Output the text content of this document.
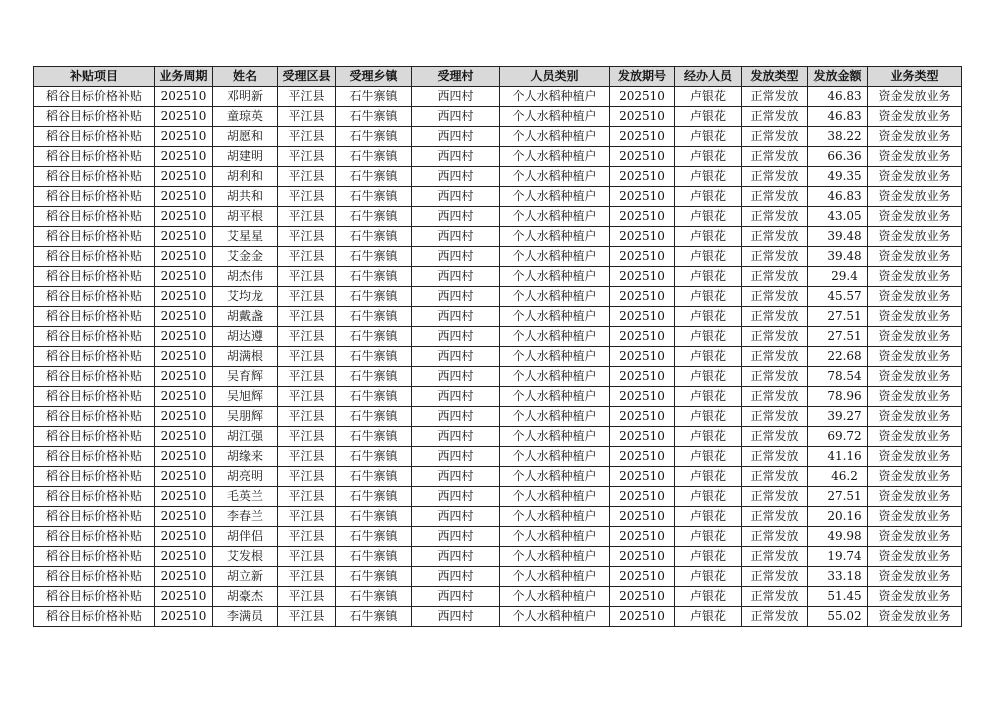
补贴项目	业务周期	姓名	受理区县	受理乡镇	受理村	人员类别	发放期号	经办人员	发放类型	发放金额	业务类型
稻谷目标价格补贴	202510	邓明新	平江县	石牛寨镇	西四村	个人水稻种植户	202510	卢银花	正常发放	46.83	资金发放业务
稻谷目标价格补贴	202510	童琼英	平江县	石牛寨镇	西四村	个人水稻种植户	202510	卢银花	正常发放	46.83	资金发放业务
稻谷目标价格补贴	202510	胡愿和	平江县	石牛寨镇	西四村	个人水稻种植户	202510	卢银花	正常发放	38.22	资金发放业务
稻谷目标价格补贴	202510	胡建明	平江县	石牛寨镇	西四村	个人水稻种植户	202510	卢银花	正常发放	66.36	资金发放业务
稻谷目标价格补贴	202510	胡利和	平江县	石牛寨镇	西四村	个人水稻种植户	202510	卢银花	正常发放	49.35	资金发放业务
稻谷目标价格补贴	202510	胡共和	平江县	石牛寨镇	西四村	个人水稻种植户	202510	卢银花	正常发放	46.83	资金发放业务
稻谷目标价格补贴	202510	胡平根	平江县	石牛寨镇	西四村	个人水稻种植户	202510	卢银花	正常发放	43.05	资金发放业务
稻谷目标价格补贴	202510	艾星星	平江县	石牛寨镇	西四村	个人水稻种植户	202510	卢银花	正常发放	39.48	资金发放业务
稻谷目标价格补贴	202510	艾金金	平江县	石牛寨镇	西四村	个人水稻种植户	202510	卢银花	正常发放	39.48	资金发放业务
稻谷目标价格补贴	202510	胡杰伟	平江县	石牛寨镇	西四村	个人水稻种植户	202510	卢银花	正常发放	29.4	资金发放业务
稻谷目标价格补贴	202510	艾均龙	平江县	石牛寨镇	西四村	个人水稻种植户	202510	卢银花	正常发放	45.57	资金发放业务
稻谷目标价格补贴	202510	胡戴盏	平江县	石牛寨镇	西四村	个人水稻种植户	202510	卢银花	正常发放	27.51	资金发放业务
稻谷目标价格补贴	202510	胡达遵	平江县	石牛寨镇	西四村	个人水稻种植户	202510	卢银花	正常发放	27.51	资金发放业务
稻谷目标价格补贴	202510	胡满根	平江县	石牛寨镇	西四村	个人水稻种植户	202510	卢银花	正常发放	22.68	资金发放业务
稻谷目标价格补贴	202510	吴育辉	平江县	石牛寨镇	西四村	个人水稻种植户	202510	卢银花	正常发放	78.54	资金发放业务
稻谷目标价格补贴	202510	吴旭辉	平江县	石牛寨镇	西四村	个人水稻种植户	202510	卢银花	正常发放	78.96	资金发放业务
稻谷目标价格补贴	202510	吴朋辉	平江县	石牛寨镇	西四村	个人水稻种植户	202510	卢银花	正常发放	39.27	资金发放业务
稻谷目标价格补贴	202510	胡江强	平江县	石牛寨镇	西四村	个人水稻种植户	202510	卢银花	正常发放	69.72	资金发放业务
稻谷目标价格补贴	202510	胡缘来	平江县	石牛寨镇	西四村	个人水稻种植户	202510	卢银花	正常发放	41.16	资金发放业务
稻谷目标价格补贴	202510	胡亮明	平江县	石牛寨镇	西四村	个人水稻种植户	202510	卢银花	正常发放	46.2	资金发放业务
稻谷目标价格补贴	202510	毛英兰	平江县	石牛寨镇	西四村	个人水稻种植户	202510	卢银花	正常发放	27.51	资金发放业务
稻谷目标价格补贴	202510	李春兰	平江县	石牛寨镇	西四村	个人水稻种植户	202510	卢银花	正常发放	20.16	资金发放业务
稻谷目标价格补贴	202510	胡伴侣	平江县	石牛寨镇	西四村	个人水稻种植户	202510	卢银花	正常发放	49.98	资金发放业务
稻谷目标价格补贴	202510	艾发根	平江县	石牛寨镇	西四村	个人水稻种植户	202510	卢银花	正常发放	19.74	资金发放业务
稻谷目标价格补贴	202510	胡立新	平江县	石牛寨镇	西四村	个人水稻种植户	202510	卢银花	正常发放	33.18	资金发放业务
稻谷目标价格补贴	202510	胡豪杰	平江县	石牛寨镇	西四村	个人水稻种植户	202510	卢银花	正常发放	51.45	资金发放业务
稻谷目标价格补贴	202510	李满员	平江县	石牛寨镇	西四村	个人水稻种植户	202510	卢银花	正常发放	55.02	资金发放业务
